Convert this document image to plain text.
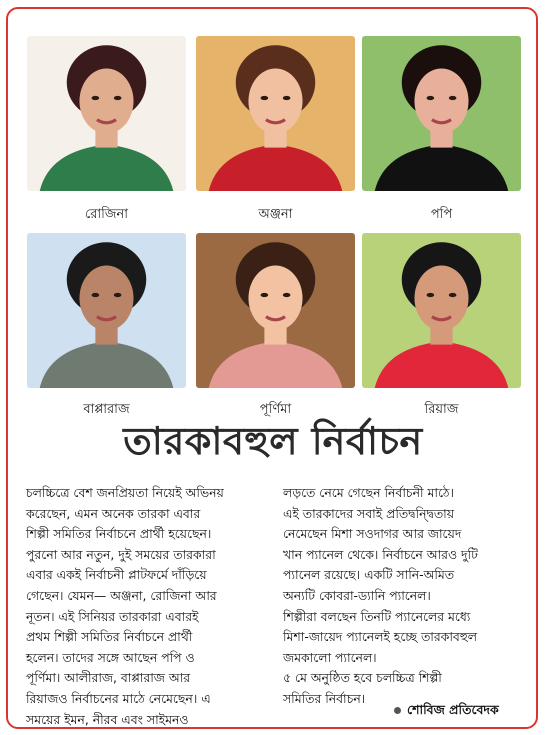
রোজিনা	অঞ্জনা	পপি
বাপ্পারাজ	পূর্ণিমা	রিয়াজ
তারকাবহুল নির্বাচন

চলচ্চিত্রে বেশ জনপ্রিয়তা নিয়েই অভিনয়

করেছেন, এমন অনেক তারকা এবার

শিল্পী সমিতির নির্বাচনে প্রার্থী হয়েছেন।

পুরনো আর নতুন, দুই সময়ের তারকারা

এবার একই নির্বাচনী প্লাটফর্মে দাঁড়িয়ে

গেছেন। যেমন— অঞ্জনা, রোজিনা আর

নূতন। এই সিনিয়র তারকারা এবারই

প্রথম শিল্পী সমিতির নির্বাচনে প্রার্থী

হলেন। তাদের সঙ্গে আছেন পপি ও

পূর্ণিমা। আলীরাজ, বাপ্পারাজ আর

রিয়াজও নির্বাচনের মাঠে নেমেছেন। এ

সময়ের ইমন, নীরব এবং সাইমনও

লড়তে নেমে গেছেন নির্বাচনী মাঠে।

এই তারকাদের সবাই প্রতিদ্বন্দ্বিতায়

নেমেছেন মিশা সওদাগর আর জায়েদ

খান প্যানেল থেকে। নির্বাচনে আরও দুটি

প্যানেল রয়েছে। একটি সানি-অমিত

অন্যটি কোবরা-ড্যানি প্যানেল।

শিল্পীরা বলছেন তিনটি প্যানেলের মধ্যে

মিশা-জায়েদ প্যানেলই হচ্ছে তারকাবহুল

জমকালো প্যানেল।

৫ মে অনুষ্ঠিত হবে চলচ্চিত্র শিল্পী

সমিতির নির্বাচন।

শোবিজ প্রতিবেদক
